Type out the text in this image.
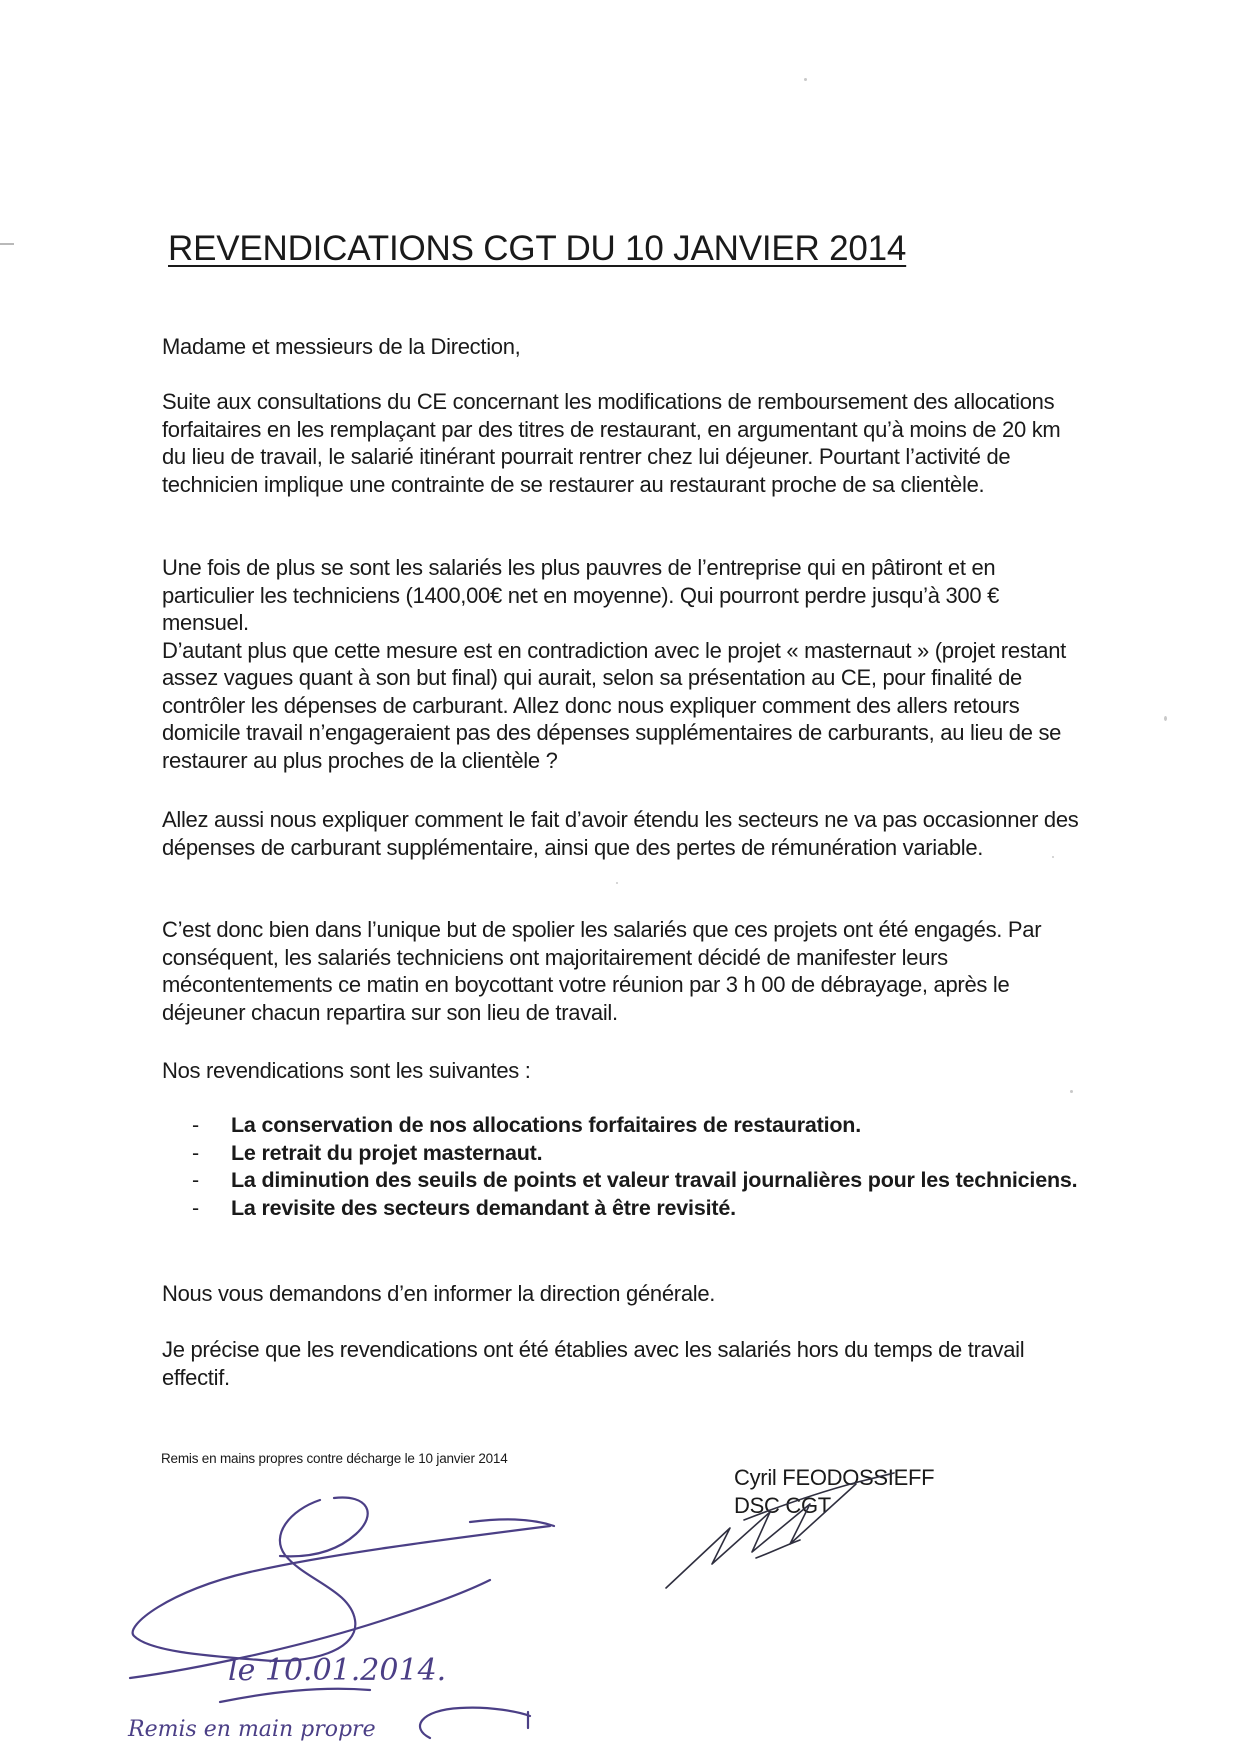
REVENDICATIONS CGT DU 10 JANVIER 2014
Madame et messieurs de la Direction,

Suite aux consultations du CE concernant les modifications de remboursement des allocations forfaitaires en les remplaçant par des titres de restaurant, en argumentant qu’à moins de 20 km du lieu de travail, le salarié itinérant pourrait rentrer chez lui déjeuner. Pourtant l’activité de technicien implique une contrainte de se restaurer au restaurant proche de sa clientèle.

Une fois de plus se sont les salariés les plus pauvres de l’entreprise qui en pâtiront et en particulier les techniciens (1400,00€ net en moyenne). Qui pourront perdre jusqu’à 300 € mensuel.

D’autant plus que cette mesure est en contradiction avec le projet « masternaut » (projet restant assez vagues quant à son but final) qui aurait, selon sa présentation au CE, pour finalité de contrôler les dépenses de carburant. Allez donc nous expliquer comment des allers retours domicile travail n’engageraient pas des dépenses supplémentaires de carburants, au lieu de se restaurer au plus proches de la clientèle ?

Allez aussi nous expliquer comment le fait d’avoir étendu les secteurs ne va pas occasionner des dépenses de carburant supplémentaire, ainsi que des pertes de rémunération variable.

C’est donc bien dans l’unique but de spolier les salariés que ces projets ont été engagés. Par conséquent, les salariés techniciens ont majoritairement décidé de manifester leurs mécontentements ce matin en boycottant votre réunion par 3 h 00 de débrayage, après le déjeuner chacun repartira sur son lieu de travail.

Nos revendications sont les suivantes :

- La conservation de nos allocations forfaitaires de restauration.
- Le retrait du projet masternaut.
- La diminution des seuils de points et valeur travail journalières pour les techniciens.
- La revisite des secteurs demandant à être revisité.

Nous vous demandons d’en informer la direction générale.

Je précise que les revendications ont été établies avec les salariés hors du temps de travail effectif.

Remis en mains propres contre décharge le 10 janvier 2014
Cyril FEODOSSIEFF
DSC CGT
le 10.01.2014.
Remis en main propre
